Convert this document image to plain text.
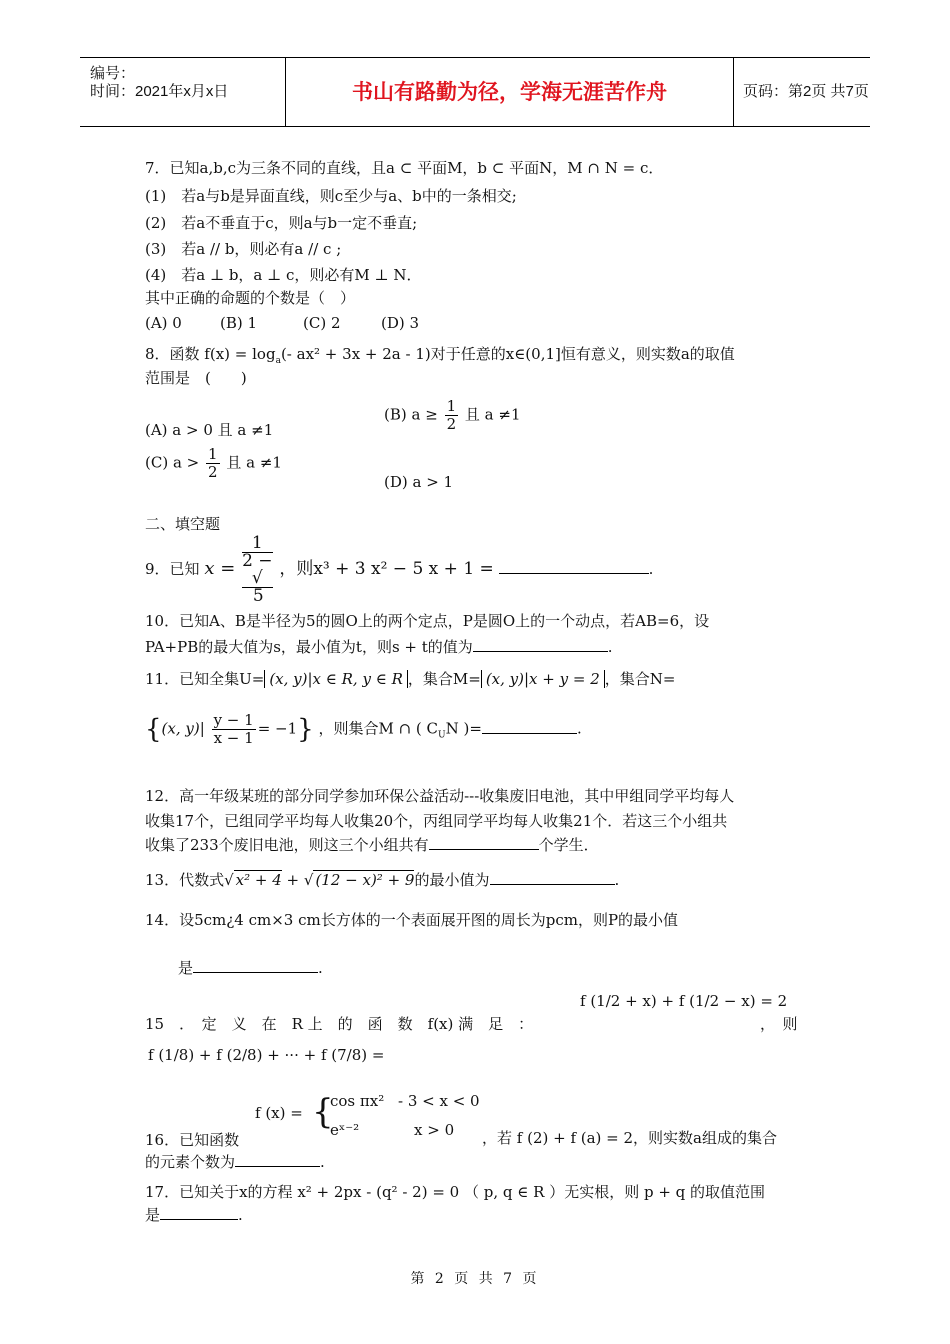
编号：
时间：2021年x月x日	书山有路勤为径，学海无涯苦作舟	页码：第2页 共7页
7．已知a,b,c为三条不同的直线，且a ⊂ 平面M，b ⊂ 平面N，M ∩ N = c．
(1)　若a与b是异面直线，则c至少与a、b中的一条相交;
(2)　若a不垂直于c，则a与b一定不垂直;
(3)　若a // b，则必有a // c ;
(4)　若a ⊥ b，a ⊥ c，则必有M ⊥ N．
其中正确的命题的个数是（　）
(A) 0	(B) 1	(C) 2	(D) 3
8．函数 $f(x) = \log_a(-$ ax² + 3x + 2a - 1)对于任意的x∈(0,1]恒有意义，则实数a的取值
范围是　(　　)
(A) a > 0 且 a ≠1
(B) $a \ge \frac{1}{2}$ 且 a ≠1
(C) $a > \frac{1}{2}$ 且 a ≠1
(D) a > 1
二、填空题
9．已知 x = 1
2 −
√
5 ，则x³ + 3 x² − 5 x + 1 =	.
10．已知A、B是半径为5的圆O上的两个定点，P是圆O上的一个动点，若AB=6，设
PA+PB的最大值为s，最小值为t，则s + t的值为	.
11．已知全集U= (x, y)|x ∈ R, y ∈ R ，集合M= (x, y)|x + y = 2 ，集合N=
{(x, $y)| \frac{y - 1}{x - 1} = -1$} ，则集合M ∩ ( $C_UN$ )=	.
12．高一年级某班的部分同学参加环保公益活动---收集废旧电池，其中甲组同学平均每人
收集17个，已组同学平均每人收集20个，丙组同学平均每人收集21个．若这三个小组共
收集了233个废旧电池，则这三个小组共有	个学生．
13．代数式√ x² + 4 + √ (12 − x)² + 9的最小值为	.
14．设5cm¿4 cm×3 cm长方体的一个表面展开图的周长为pcm，则P的最小值
是	.
15　．　定　义　在　R 上　的　函　数　f(x) 满　足　：
f (1/2 + x) + f (1/2 − x) = 2
，　则
f (1/8) + f (2/8) + ··· + f (7/8) =
f (x) = {
cos πx² - 3 < x < 0
eˣ⁻²	x > 0
16．已知函数	，若 f (2) + f (a) = 2，则实数a组成的集合
的元素个数为	.
17．已知关于x的方程 x² + 2px - (q² - 2) = 0 （ p, q ∈ R ）无实根，则 p + q 的取值范围
是	.
第 2 页 共 7 页
